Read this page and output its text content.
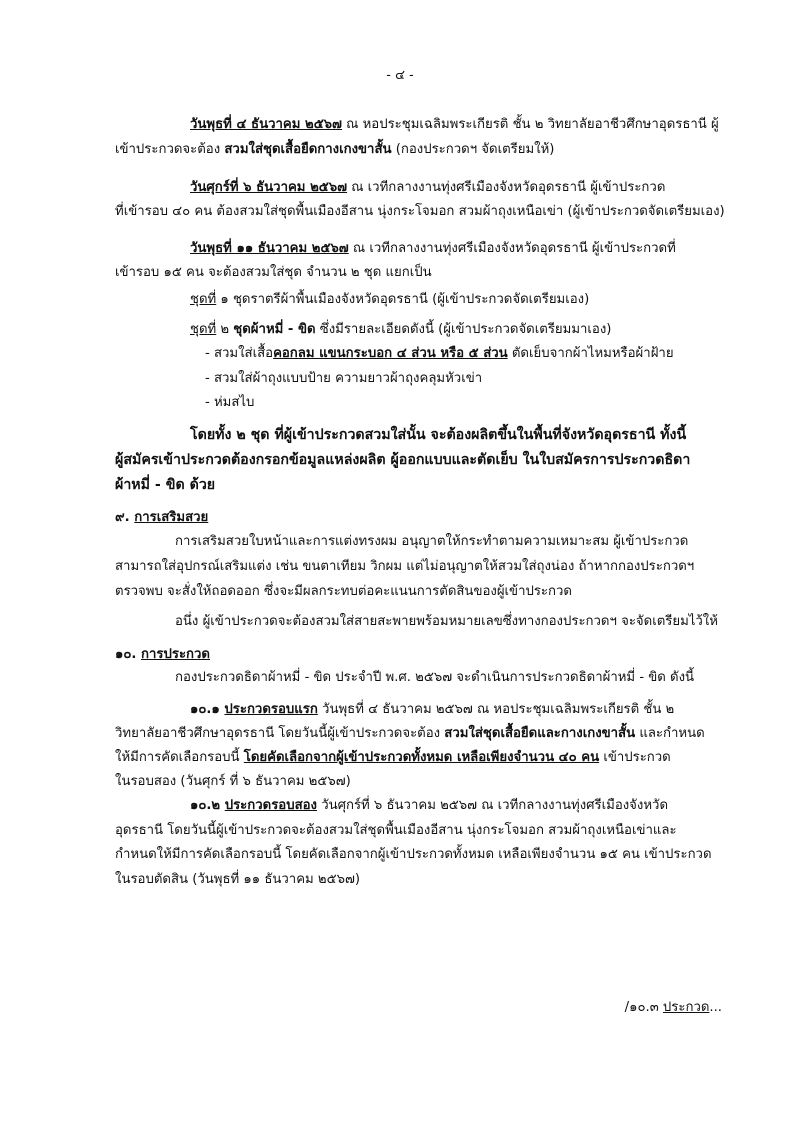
- ๔ -
วันพุธที่ ๔ ธันวาคม ๒๕๖๗ ณ หอประชุมเฉลิมพระเกียรติ ชั้น ๒ วิทยาลัยอาชีวศึกษาอุดรธานี ผู้
เข้าประกวดจะต้อง สวมใส่ชุดเสื้อยืดกางเกงขาสั้น (กองประกวดฯ จัดเตรียมให้)
วันศุกร์ที่ ๖ ธันวาคม ๒๕๖๗ ณ เวทีกลางงานทุ่งศรีเมืองจังหวัดอุดรธานี ผู้เข้าประกวด
ที่เข้ารอบ ๔๐ คน ต้องสวมใส่ชุดพื้นเมืองอีสาน นุ่งกระโจมอก สวมผ้าถุงเหนือเข่า (ผู้เข้าประกวดจัดเตรียมเอง)
วันพุธที่ ๑๑ ธันวาคม ๒๕๖๗ ณ เวทีกลางงานทุ่งศรีเมืองจังหวัดอุดรธานี ผู้เข้าประกวดที่
เข้ารอบ ๑๕ คน จะต้องสวมใส่ชุด จำนวน ๒ ชุด แยกเป็น
ชุดที่ ๑ ชุดราตรีผ้าพื้นเมืองจังหวัดอุดรธานี (ผู้เข้าประกวดจัดเตรียมเอง)
ชุดที่ ๒ ชุดผ้าหมี่ - ขิด ซึ่งมีรายละเอียดดังนี้ (ผู้เข้าประกวดจัดเตรียมมาเอง)
- สวมใส่เสื้อคอกลม แขนกระบอก ๔ ส่วน หรือ ๕ ส่วน ตัดเย็บจากผ้าไหมหรือผ้าฝ้าย
- สวมใส่ผ้าถุงแบบป้าย ความยาวผ้าถุงคลุมหัวเข่า
- ห่มสไบ
โดยทั้ง ๒ ชุด ที่ผู้เข้าประกวดสวมใส่นั้น จะต้องผลิตขึ้นในพื้นที่จังหวัดอุดรธานี ทั้งนี้
ผู้สมัครเข้าประกวดต้องกรอกข้อมูลแหล่งผลิต ผู้ออกแบบและตัดเย็บ ในใบสมัครการประกวดธิดา
ผ้าหมี่ - ขิด ด้วย
๙. การเสริมสวย
การเสริมสวยใบหน้าและการแต่งทรงผม อนุญาตให้กระทำตามความเหมาะสม ผู้เข้าประกวด
สามารถใส่อุปกรณ์เสริมแต่ง เช่น ขนตาเทียม วิกผม แต่ไม่อนุญาตให้สวมใส่ถุงน่อง ถ้าหากกองประกวดฯ
ตรวจพบ จะสั่งให้ถอดออก ซึ่งจะมีผลกระทบต่อคะแนนการตัดสินของผู้เข้าประกวด
อนึ่ง ผู้เข้าประกวดจะต้องสวมใส่สายสะพายพร้อมหมายเลขซึ่งทางกองประกวดฯ จะจัดเตรียมไว้ให้
๑๐. การประกวด
กองประกวดธิดาผ้าหมี่ - ขิด ประจำปี พ.ศ. ๒๕๖๗ จะดำเนินการประกวดธิดาผ้าหมี่ - ขิด ดังนี้
๑๐.๑ ประกวดรอบแรก วันพุธที่ ๔ ธันวาคม ๒๕๖๗ ณ หอประชุมเฉลิมพระเกียรติ ชั้น ๒
วิทยาลัยอาชีวศึกษาอุดรธานี โดยวันนี้ผู้เข้าประกวดจะต้อง สวมใส่ชุดเสื้อยืดและกางเกงขาสั้น และกำหนด
ให้มีการคัดเลือกรอบนี้ โดยคัดเลือกจากผู้เข้าประกวดทั้งหมด เหลือเพียงจำนวน ๔๐ คน เข้าประกวด
ในรอบสอง (วันศุกร์ ที่ ๖ ธันวาคม ๒๕๖๗)
๑๐.๒ ประกวดรอบสอง วันศุกร์ที่ ๖ ธันวาคม ๒๕๖๗ ณ เวทีกลางงานทุ่งศรีเมืองจังหวัด
อุดรธานี โดยวันนี้ผู้เข้าประกวดจะต้องสวมใส่ชุดพื้นเมืองอีสาน นุ่งกระโจมอก สวมผ้าถุงเหนือเข่าและ
กำหนดให้มีการคัดเลือกรอบนี้ โดยคัดเลือกจากผู้เข้าประกวดทั้งหมด เหลือเพียงจำนวน ๑๕ คน เข้าประกวด
ในรอบตัดสิน (วันพุธที่ ๑๑ ธันวาคม ๒๕๖๗)
/๑๐.๓ ประกวด...
